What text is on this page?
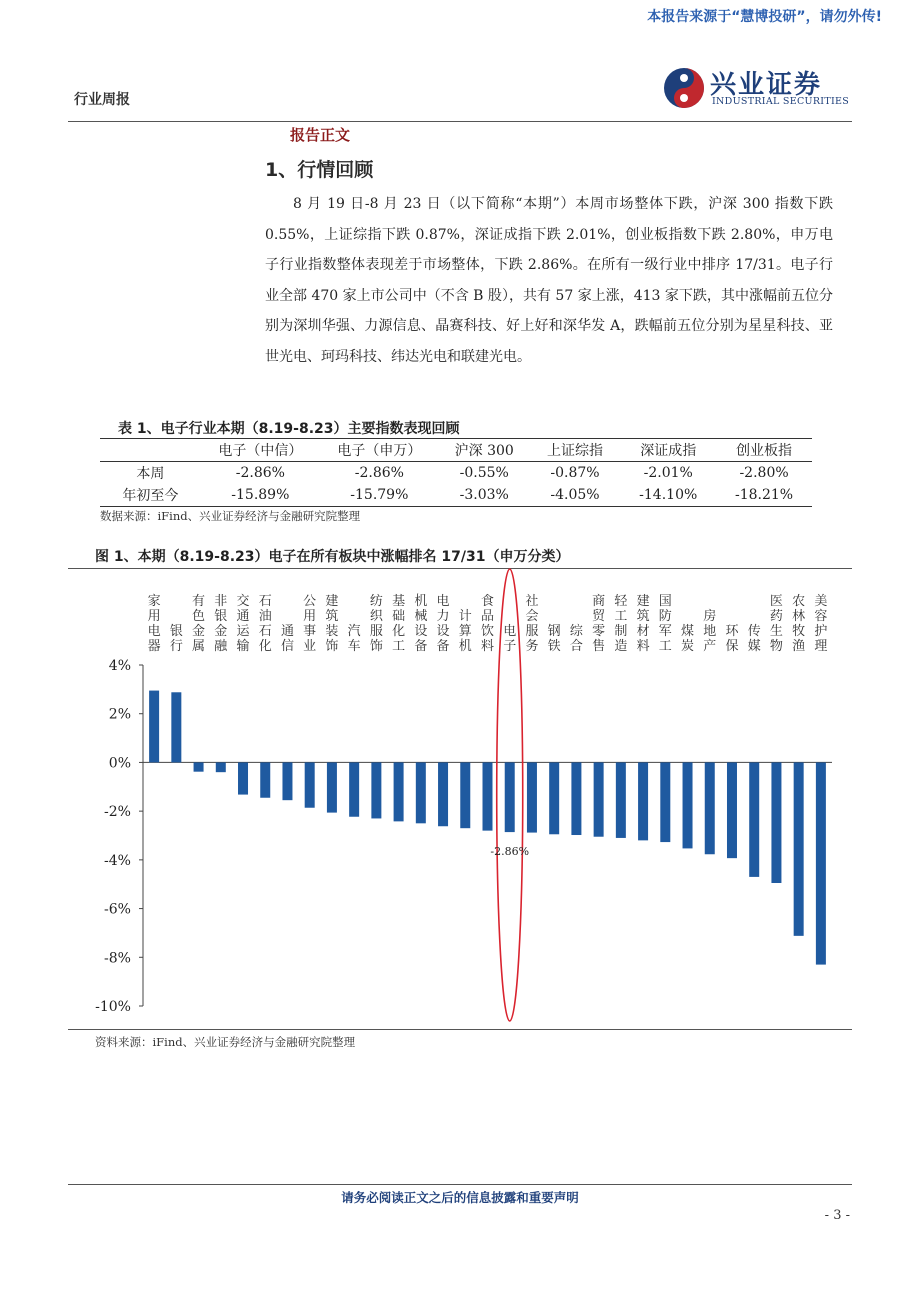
本报告来源于“慧博投研”，请勿外传!
行业周报	兴业证券
INDUSTRIAL SECURITIES
报告正文
1、行情回顾
8 月 19 日-8 月 23 日（以下简称“本期”）本周市场整体下跌，沪深 300 指数下跌 0.55%，上证综指下跌 0.87%，深证成指下跌 2.01%，创业板指数下跌 2.80%，申万电子行业指数整体表现差于市场整体，下跌 2.86%。在所有一级行业中排序 17/31。电子行业全部 470 家上市公司中（不含 B 股），共有 57 家上涨，413 家下跌，其中涨幅前五位分别为深圳华强、力源信息、晶赛科技、好上好和深华发 A，跌幅前五位分别为星星科技、亚世光电、珂玛科技、纬达光电和联建光电。
表 1、电子行业本期（8.19-8.23）主要指数表现回顾
	电子（中信）	电子（申万）	沪深 300	上证综指	深证成指	创业板指
本周	-2.86%	-2.86%	-0.55%	-0.87%	-2.01%	-2.80%
年初至今	-15.89%	-15.79%	-3.03%	-4.05%	-14.10%	-18.21%
数据来源：iFind、兴业证券经济与金融研究院整理
图 1、本期（8.19-8.23）电子在所有板块中涨幅排名 17/31（申万分类）
4%
2%
0%
-2%
-4%
-6%
-8%
-10%
家用电器
银行
有色金属
非银金融
交通运输
石油石化
通信
公用事业
建筑装饰
汽车
纺织服饰
基础化工
机械设备
电力设备
计算机
食品饮料
电子
社会服务
钢铁
综合
商贸零售
轻工制造
建筑材料
国防军工
煤炭
房地产
环保
传媒
医药生物
农林牧渔
美容护理
-2.86%
资料来源：iFind、兴业证券经济与金融研究院整理
请务必阅读正文之后的信息披露和重要声明
- 3 -
